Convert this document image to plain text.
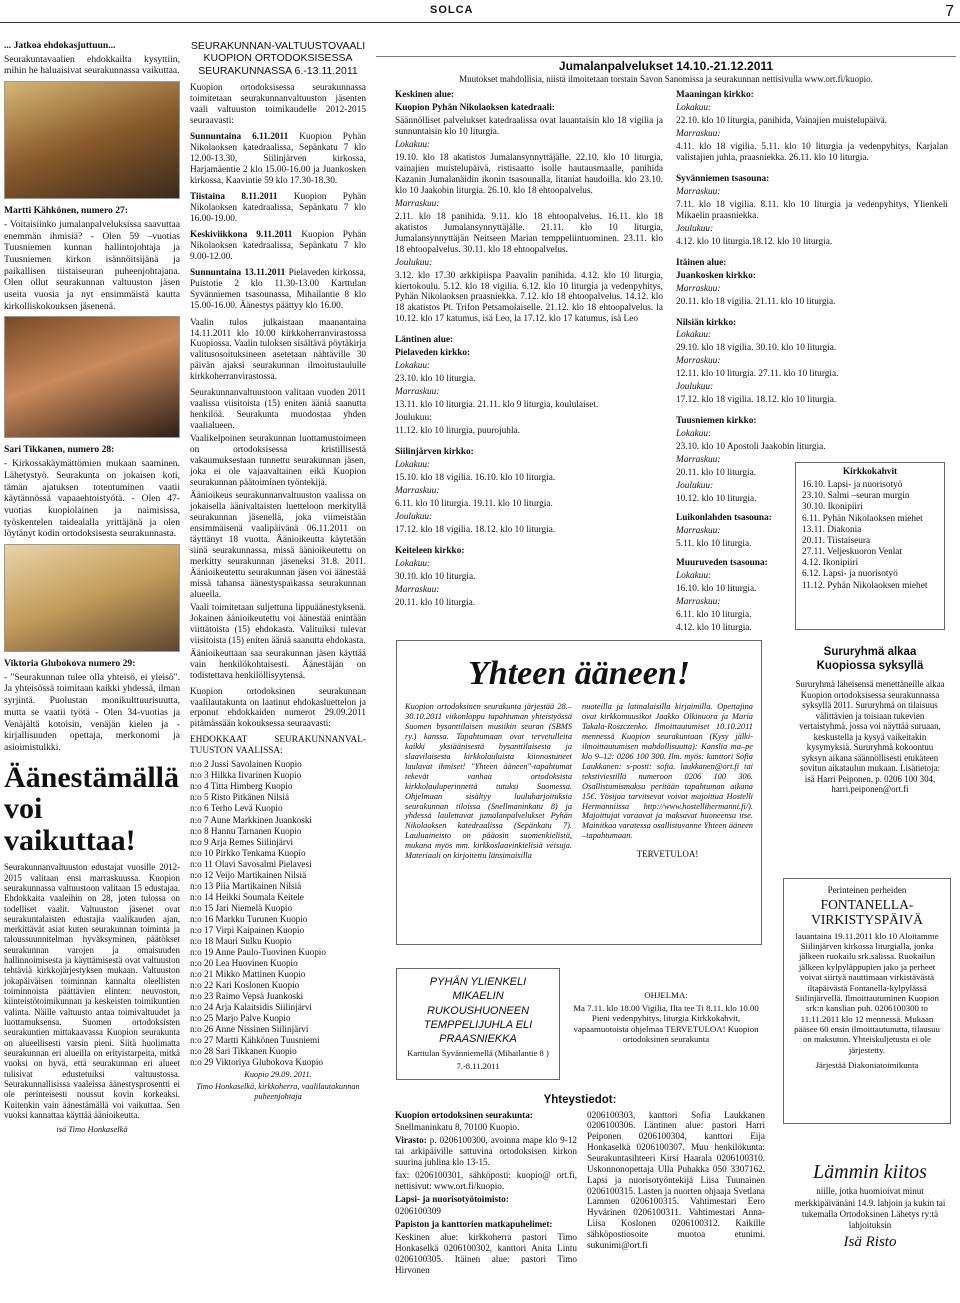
SOLCA	7

... Jatkoa ehdokasjuttuun...

Seurakuntavaalien ehdokkailta kysyttiin, mihin he haluaisivat seurakunnassa vaikuttaa.

Martti Kähkönen, numero 27:

- Voitaisiinko jumalanpalveluksissa saavuttaa enemmän ihmisiä? - Olen 59 –vuotias Tuusniemen kunnan hallintojohtaja ja Tuusniemen kirkon isännöitsijänä ja paikallisen tiistaiseuran puheenjohtajana. Olen ollut seurakunnan valtuuston jäsen useita vuosia ja nyt ensimmäistä kautta kirkolliskokouksen jäsenenä.

Sari Tikkanen, numero 28:

- Kirkossakäymättömien mukaan saaminen. Lähetystyö. Seurakunta on jokaisen koti, tämän ajatuksen toteutuminen vaatii käytännössä vapaaehtoistyötä. - Olen 47-vuotias kuopiolainen ja naimisissa, työskentelen taidealalla yrittäjänä ja olen löytänyt kodin ortodoksisesta seurakunnasta.

Viktoria Glubokova numero 29:

- "Seurakunnan tulee olla yhteisö, ei yleisö". Ja yhteisössä toimitaan kaikki yhdessä, ilman syrjintä. Puolustan monikulttuurisuutta, mutta se vaatii työtä - Olen 34-vuotias ja Venäjältä kotoisin, venäjän kielen ja -kirjallisuuden opettaja, merkonomi ja asioimistulkki.

Äänestämällä voi vaikuttaa!

Seurakunnanvaltuuston edustajat vuosille 2012-2015 valitaan ensi marraskuussa. Kuopion seurakunnassa valtuustoon valitaan 15 edustajaa. Ehdokkaita vaaleihin on 28, joten tulossa on todelliset vaalit. Valtuuston jäsenet ovat seurakuntalaisten edustajia vaalikauden ajan, merkittävät asiat kuten seurakunnan toiminta ja taloussuunnitelman hyväksyminen, päätökset seurakunnan varojen ja omaisuuden hallinnoimisesta ja käyttämisestä ovat valtuuston tehtäviä kirkkojärjestyksen mukaan. Valtuuston jokapäiväisen toiminnan kannalta oleellisten toiminnoista päättävien elinten: neuvoston, kiinteistötoimikunnan ja keskeisten toimikuntien valinta. Näille valtuusto antaa toimivaltuudet ja luottamuksensa. Suomen ortodoksisten seurakuntien mittakaavassa Kuopion seurakunta on alueellisesti varsin pieni. Siitä huolimatta seurakunnan eri alueilla on erityistarpeita, mitkä vuoksi on hyvä, että seurakunnan eri alueet tulisivat edustetuiksi valtuustossa. Seurakunnallisissa vaaleissa äänestysprosentti ei ole perinteisesti noussut kovin korkeaksi. Kuitenkin vain äänestämällä voi vaikuttaa. Sen vuoksi kannattaa käyttää äänioikeutta.

isä Timo Honkaselkä

SEURAKUNNAN-VALTUUSTOVAALI KUOPION ORTODOKSISESSA SEURAKUNNASSA 6.-13.11.2011

Kuopion ortodoksisessa seurakunnassa toimitetaan seurakunnanvaltuuston jäsenten vaali valtuuston toimikaudelle 2012-2015 seuraavasti:

Sunnuntaina 6.11.2011 Kuopion Pyhän Nikolaoksen katedraalissa, Sepänkatu 7 klo 12.00-13.30, Siilinjärven kirkossa, Harjamäentie 2 klo 15.00-16.00 ja Juankosken kirkossa, Kaavintie 59 klo 17.30-18.30.

Tiistaina 8.11.2011 Kuopion Pyhän Nikolaoksen katedraalissa, Sepänkatu 7 klo 16.00-19.00.

Keskiviikkona 9.11.2011 Kuopion Pyhän Nikolaoksen katedraalissa, Sepänkatu 7 klo 9.00-12.00.

Sunnuntaina 13.11.2011 Pielaveden kirkossa, Puistotie 2 klo 11.30-13.00 Karttulan Syvänniemen tsasounassa, Mihailantie 8 klo 15.00-16.00. Äänestys päättyy klo 16.00.

Vaalin tulos julkaistaan maanantaina 14.11.2011 klo 10.00 kirkkoherranvirastossa Kuopiossa. Vaalin tuloksen sisältävä pöytäkirja valitusosoituksineen asetetaan nähtäville 30 päivän ajaksi seurakunnan ilmoitustaululle kirkkoherranvirastossa.

Seurakunnanvaltuustoon valitaan vuoden 2011 vaalissa viisitoista (15) eniten ääniä saanutta henkilöä. Seurakunta muodostaa yhden vaalialueen.

Vaalikelpoinen seurakunnan luottamustoimeen on ortodoksisessa kristillisestä vakaumuksestaan tunnettu seurakunnan jäsen, joka ei ole vajaavaltainen eikä Kuopion seurakunnan päätoiminen työntekijä.

Äänioikeus seurakunnanvaltuuston vaalissa on jokaisella äänivaltaisten luetteloon merkityllä seurakunnan jäsenellä, joka viimeistään ensimmäisenä vaalipäivänä 06.11.2011 on täyttänyt 18 vuotta. Äänioikeutta käytetään siinä seurakunnassa, missä äänioikeutettu on merkitty seurakunnan jäseneksi 31.8. 2011. Äänioikeutettu seurakunnan jäsen voi äänestää missä tahansa äänestyspaikassa seurakunnan alueella.

Vaali toimitetaan suljettuna lippuäänestyksenä. Jokainen äänioikeutettu voi äänestää enintään viittätoista (15) ehdokasta. Valituiksi tulevat viisitoista (15) eniten ääniä saanutta ehdokasta.

Äänioikeuttaan saa seurakunnan jäsen käyttää vain henkilökohtaisesti. Äänestäjän on todistettava henkilöllisyytensä.

Kuopion ortodoksinen seurakunnan vaalilautakunta on laatinut ehdokasluettelon ja erponut ehdokkaiden numerot 29.09.2011 pitämässään kokouksessa seuraavasti:

EHDOKKAAT SEURAKUNNANVAL-TUUSTON VAALISSA:

n:o 2 Jussi Savolainen Kuopio
n:o 3 Hilkka Iivarinen Kuopio
n:o 4 Titta Himberg Kuopio
n:o 5 Risto Pitkänen Nilsiä
n:o 6 Terho Levä Kuopio
n:o 7 Aune Markkinen Juankoski
n:o 8 Hannu Tarnanen Kuopio
n:o 9 Arja Remes Siilinjärvi
n:o 10 Pirkko Tenkama Kuopio
n:o 11 Olavi Savosalmi Pielavesi
n:o 12 Veijo Martikainen Nilsiä
n:o 13 Piia Martikainen Nilsiä
n:o 14 Heikki Soumala Keitele
n:o 15 Jari Niemelä Kuopio
n:o 16 Markku Turunen Kuopio
n:o 17 Virpi Kaipainen Kuopio
n:o 18 Mauri Sulku Kuopio
n:o 19 Anne Paulo-Tuovinen Kuopio
n:o 20 Lea Huovinen Kuopio
n:o 21 Mikko Mattinen Kuopio
n:o 22 Kari Koslonen Kuopio
n:o 23 Raimo Vepsä Juankoski
n:o 24 Arja Kalaitsidis Siilinjärvi
n:o 25 Marjo Palve Kuopio
n:o 26 Anne Nissinen Siilinjärvi
n:o 27 Martti Kähkönen Tuusniemi
n:o 28 Sari Tikkanen Kuopio
n:o 29 Viktoriya Glubokova Kuopio

Kuopio 29.09. 2011.

Timo Honkaselkä, kirkkoherra, vaalilautakunnan puheenjohtaja

Jumalanpalvelukset 14.10.-21.12.2011
Muutokset mahdollisia, niistä ilmoitetaan torstain Savon Sanomissa ja seurakunnan nettisivulla www.ort.fi/kuopio.

Keskinen alue:

Kuopion Pyhän Nikolaoksen katedraali:

Säännölliset palvelukset katedraalissa ovat lauantaisin klo 18 vigilia ja sunnuntaisin klo 10 liturgia.

Lokakuu:

19.10. klo 18 akatistos Jumalansynnyttäjälle. 22.10. klo 10 liturgia, vainajien muistelupäivä, ristisaatto isolle hautausmaalle, panihida Kazanin Jumalanäidin ikonin tsasounalla, litaniat haudoilla. klo 23.10. klo 10 Jaakobin liturgia. 26.10. klo 18 ehtoopalvelus.

Marraskuu:

2.11. klo 18 panihida. 9.11. klo 18 ehtoopalvelus. 16.11. klo 18 akatistos Jumalansynnyttäjälle. 21.11. klo 10 liturgia, Jumalansynnyttäjän Neitseen Marian temppeliintuominen. 23.11. klo 18 ehtoopalvelus. 30.11. klo 18 ehtoopalvelus.

Joulukuu:

3.12. klo 17.30 arkkipiispa Paavalin panihida. 4.12. klo 10 liturgia, kiertokoulu. 5.12. klo 18 vigilia. 6.12. klo 10 liturgia ja vedenpyhitys, Pyhän Nikolaoksen praasniekka. 7.12. klo 18 ehtoopalvelus. 14.12. klo 18 akatistos Pt. Trifon Petsamolaiselle. 21.12. klo 18 ehtoopalvelus. la 10.12. klo 17 katumus, isä Leo, la 17.12. klo 17 katumus, isä Leo

Läntinen alue:

Pielaveden kirkko:

Lokakuu:

23.10. klo 10 liturgia.

Marraskuu:

13.11. klo 10 liturgia. 21.11. klo 9 liturgia, koululaiset.

Joulukuu:

11.12. klo 10 liturgia, puurojuhla.

Siilinjärven kirkko:

Lokakuu:

15.10. klo 18 vigilia. 16.10. klo 10 liturgia.

Marraskuu:

6.11. klo 10 liturgia. 19.11. klo 10 liturgia.

Joulukuu:

17.12. klo 18 vigilia. 18.12. klo 10 liturgia.

Keiteleen kirkko:

Lokakuu:

30.10. klo 10 liturgia.

Marraskuu:

20.11. klo 10 liturgia.

Maaningan kirkko:

Lokakuu:

22.10. klo 10 liturgia, panihida, Vainajien muistelupäivä.

Marraskuu:

4.11. klo 18 vigilia. 5.11. klo 10 liturgia ja vedenpyhitys, Karjalan valistajien juhla, praasniekka. 26.11. klo 10 liturgia.

Syvänniemen tsasouna:

Marraskuu:

7.11. klo 18 vigilia. 8.11. klo 10 liturgia ja vedenpyhitys, Ylienkeli Mikaelin praasniekka.

Joulukuu:

4.12. klo 10 liturgia.18.12. klo 10 liturgia.

Itäinen alue:

Juankosken kirkko:

Marraskuu:

20.11. klo 18 vigilia. 21.11. klo 10 liturgia.

Nilsiän kirkko:

Lokakuu:

29.10. klo 18 vigilia. 30.10. klo 10 liturgia.

Marraskuu:

12.11. klo 10 liturgia. 27.11. klo 10 liturgia.

Joulukuu:

17.12. klo 18 vigilia. 18.12. klo 10 liturgia.

Tuusniemen kirkko:

Lokakuu:

23.10. klo 10 Apostoli Jaakobin liturgia.

Marraskuu:

20.11. klo 10 liturgia.

Joulukuu:

10.12. klo 10 liturgia.

Luikonlahden tsasouna:

Marraskuu:

5.11. klo 10 liturgia.

Muuruveden tsasouna:

Lokakuu:

16.10. klo 10 liturgia.

Marraskuu:

6.11. klo 10 liturgia.

4.12. klo 10 liturgia.

Kirkkokahvit

16.10. Lapsi- ja nuorisotyö
23.10. Salmi –seuran murgin
30.10. Ikonipiiri
6.11. Pyhän Nikolaoksen miehet
13.11. Diakonia
20.11. Tiistaiseura
27.11. Veljeskuoron Venlat
4.12. Ikonipiiri
6.12. Lapsi- ja nuorisotyö
11.12. Pyhän Nikolaoksen miehet
Yhteen ääneen!

Kuopion ortodoksinen seurakunta järjestää 28.–30.10.2011 viikonloppu tapahtuman yhteistyössä Suomen bysanttilaisen musiikin seuran (SBMS ry.) kanssa. Tapahtumaan ovat tervetulleita kaikki yksiäänisestä bysanttilaisesta ja slaavilaisesta kirkkolauluista kiinnostuneet laulavat ihmiset! "Yhteen ääneen"-tapahtumat tekevät vanhaa ortodoksista kirkkolauluperinnettä tutuksi Suomessa. Ohjelmaan sisältyy luuluharjoituksia seurakunnan tiloissa (Snellmaninkatu 8) ja yhdessä laulettavat jumalanpalvelukset Pyhän Nikolaoksen katedraalissa (Sepänkatu 7). Lauluaineisto on pääosin suomenkielistä, mukana myös mm. kirkkoslaavinkielisiä veisuja. Materiaali on kirjoitettu länsimaisilla

nuoteilla ja latinalaisilla kirjaimilla. Opettajina ovat kirkkomuusikot Jaakko Olkinuora ja Maria Takala-Roszczenko. Ilmoittautumiset 10.10.2011 mennessä Kuopion seurakuntaan (Kysy jälki-ilmoittautumisen mahdollisuutta): Kanslia ma–pe klo 9–12: 0206 100 300. Ilm. myös: kanttori Sofia Laukkanen: s-posti: sofia. laukkanen@ort.fi tai tekstiviestillä numeroon 0206 100 306. Osallistumismaksu peritään tapahtuman aikana 15€. Yösijaa tarvitsevat voivat majoittua Hostelli Hermanniissa http://www.hostellihermanni.fi/). Majoittujat varaavat ja maksavat huoneensa itse. Mainitkaa varatessa osallistuvanne Yhteen ääneen –tapahtumaan.

TERVETULOA!

PYHÄN YLIENKELI MIKAELIN RUKOUSHUONEEN TEMPPELIJUHLA ELI PRAASNIEKKA

Karttulan Syvänniemellä (Mihailantie 8 )

7.-8.11.2011

OHJELMA:

Ma 7.11. klo 18.00 Vigilia, Ilta tee Ti 8.11. klo 10.00 Pieni vedenpyhitys, liturgia Kirkkokahvit, vapaamuotoista ohjelmaa TERVETULOA! Kuopion ortodoksinen seurakunta

Yhteystiedot:

Kuopion ortodoksinen seurakunta:

Snellmaninkatu 8, 70100 Kuopio.

Virasto: p. 0206100300, avoinna mape klo 9-12 tai arkipäiville sattuvina ortodoksisen kirkon suurina juhlina klo 13-15.

fax: 0206100301, sähköposti: kuopio@ ort.fi, nettisivut: www.ort.fi/kuopio.

Lapsi- ja nuorisotyötoimisto:

0206100309

Papiston ja kanttorien matkapuhelimet:

Keskinen alue: kirkkoherra pastori Timo Honkaselkä 0206100302, kanttori Anita Lintu 0206100305. Itäinen alue: pastori Timo Hirvonen

0206100303, kanttori Sofia Laukkanen 0206100306. Läntinen alue: pastori Harri Peiponen 0206100304, kanttori Eija Honkaselkä 0206100307. Muu henkilökunta: Seurakuntasihteeri Kirsi Haarala 0206100310. Uskonnonopettaja Ulla Puhakka 050 3307162. Lapsi ja nuorisotyöntekijä Liisa Tuunainen 0206100315. Lasten ja nuorten ohjaaja Svetlana Lammen 0206100315. Vahtimestari Eero Hyvärinen 0206100311. Vahtimestari Anna-Liisa Koslonen 0206100312. Kaikille sähköpostiosoite muotoa etunimi. sukunimi@ort.fi

Sururyhmä alkaa Kuopiossa syksyllä

Sururyhmä läheisensä menettäneille alkaa Kuopion ortodoksisessa seurakunnassa syksyllä 2011. Sururyhmä on tilaisuus välittävien ja toisiaan tukevien vertaistyhmä, jossa voi näyttää suruaan, keskustella ja kysyä vaikeitakin kysymyksiä. Sururyhmä kokoontuu syksyn aikana säännöllisesti etukäteen sovitun aikataulun mukaan. Lisätietoja: isä Harri Peiponen, p. 0206 100 304, harri.peiponen@ort.fi

Perinteinen perheiden

FONTANELLA-VIRKISTYSPÄIVÄ

lauantaina 19.11.2011 klo 10 Aloitamme Siilinjärven kirkossa liturgialla, jonka jälkeen ruokailu srk.salissa. Ruokailun jälkeen kylpyläppupien jako ja perheet voivat siirtyä nauttimaan virkistävästä iltapäivästä Fontanella-kylpylässä Siilinjärvellä. Ilmoittautuminen Kuopion srk:n kanslian puh. 0206100300 to 11.11.2011 klo 12 mennessä. Mukaan pääsee 60 ensin ilmoittautunutta, tilausuu on maksuton. Yhteiskuljetusta ei ole järjestetty.

Järjestää Diakoniatoimikunta

Lämmin kiitos

niille, jotka huomioivat minut merkkipäivänäni 14.9. lahjoin ja kukin tai tukemalla Ortodoksinen Lähetys ry:tä lahjoituksin

Isä Risto
